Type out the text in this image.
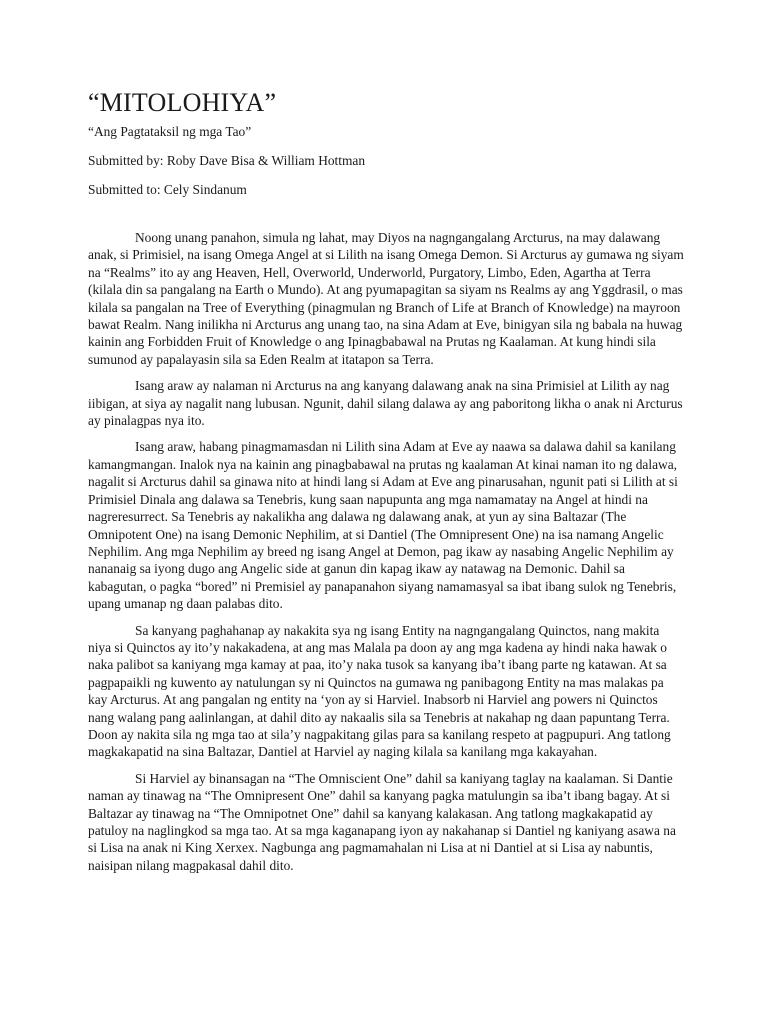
“MITOLOHIYA”

“Ang Pagtataksil ng mga Tao”

Submitted by: Roby Dave Bisa & William Hottman

Submitted to: Cely Sindanum

Noong unang panahon, simula ng lahat, may Diyos na nagngangalang Arcturus, na may dalawang anak, si Primisiel, na isang Omega Angel at si Lilith na isang Omega Demon. Si Arcturus ay gumawa ng siyam na “Realms” ito ay ang Heaven, Hell, Overworld, Underworld, Purgatory, Limbo, Eden, Agartha at Terra (kilala din sa pangalang na Earth o Mundo). At ang pyumapagitan sa siyam ns Realms ay ang Yggdrasil, o mas kilala sa pangalan na Tree of Everything (pinagmulan ng Branch of Life at Branch of Knowledge) na mayroon bawat Realm. Nang inilikha ni Arcturus ang unang tao, na sina Adam at Eve, binigyan sila ng babala na huwag kainin ang Forbidden Fruit of Knowledge o ang Ipinagbabawal na Prutas ng Kaalaman. At kung hindi sila sumunod ay papalayasin sila sa Eden Realm at itatapon sa Terra.

Isang araw ay nalaman ni Arcturus na ang kanyang dalawang anak na sina Primisiel at Lilith ay nag iibigan, at siya ay nagalit nang lubusan. Ngunit, dahil silang dalawa ay ang paboritong likha o anak ni Arcturus ay pinalagpas nya ito.

Isang araw, habang pinagmamasdan ni Lilith sina Adam at Eve ay naawa sa dalawa dahil sa kanilang kamangmangan. Inalok nya na kainin ang pinagbabawal na prutas ng kaalaman At kinai naman ito ng dalawa, nagalit si Arcturus dahil sa ginawa nito at hindi lang si Adam at Eve ang pinarusahan, ngunit pati si Lilith at si Primisiel Dinala ang dalawa sa Tenebris, kung saan napupunta ang mga namamatay na Angel at hindi na nagreresurrect. Sa Tenebris ay nakalikha ang dalawa ng dalawang anak, at yun ay sina Baltazar (The Omnipotent One) na isang Demonic Nephilim, at si Dantiel (The Omnipresent One) na isa namang Angelic Nephilim. Ang mga Nephilim ay breed ng isang Angel at Demon, pag ikaw ay nasabing Angelic Nephilim ay nananaig sa iyong dugo ang Angelic side at ganun din kapag ikaw ay natawag na Demonic. Dahil sa kabagutan, o pagka “bored” ni Premisiel ay panapanahon siyang namamasyal sa ibat ibang sulok ng Tenebris, upang umanap ng daan palabas dito.

Sa kanyang paghahanap ay nakakita sya ng isang Entity na nagngangalang Quinctos, nang makita niya si Quinctos ay ito’y nakakadena, at ang mas Malala pa doon ay ang mga kadena ay hindi naka hawak o naka palibot sa kaniyang mga kamay at paa, ito’y naka tusok sa kanyang iba’t ibang parte ng katawan. At sa pagpapaikli ng kuwento ay natulungan sy ni Quinctos na gumawa ng panibagong Entity na mas malakas pa kay Arcturus. At ang pangalan ng entity na ‘yon ay si Harviel. Inabsorb ni Harviel ang powers ni Quinctos nang walang pang aalinlangan, at dahil dito ay nakaalis sila sa Tenebris at nakahap ng daan papuntang Terra. Doon ay nakita sila ng mga tao at sila’y nagpakitang gilas para sa kanilang respeto at pagpupuri. Ang tatlong magkakapatid na sina Baltazar, Dantiel at Harviel ay naging kilala sa kanilang mga kakayahan.

Si Harviel ay binansagan na “The Omniscient One” dahil sa kaniyang taglay na kaalaman. Si Dantie naman ay tinawag na “The Omnipresent One” dahil sa kanyang pagka matulungin sa iba’t ibang bagay. At si Baltazar ay tinawag na “The Omnipotnet One” dahil sa kanyang kalakasan. Ang tatlong magkakapatid ay patuloy na naglingkod sa mga tao. At sa mga kaganapang iyon ay nakahanap si Dantiel ng kaniyang asawa na si Lisa na anak ni King Xerxex. Nagbunga ang pagmamahalan ni Lisa at ni Dantiel at si Lisa ay nabuntis, naisipan nilang magpakasal dahil dito.
